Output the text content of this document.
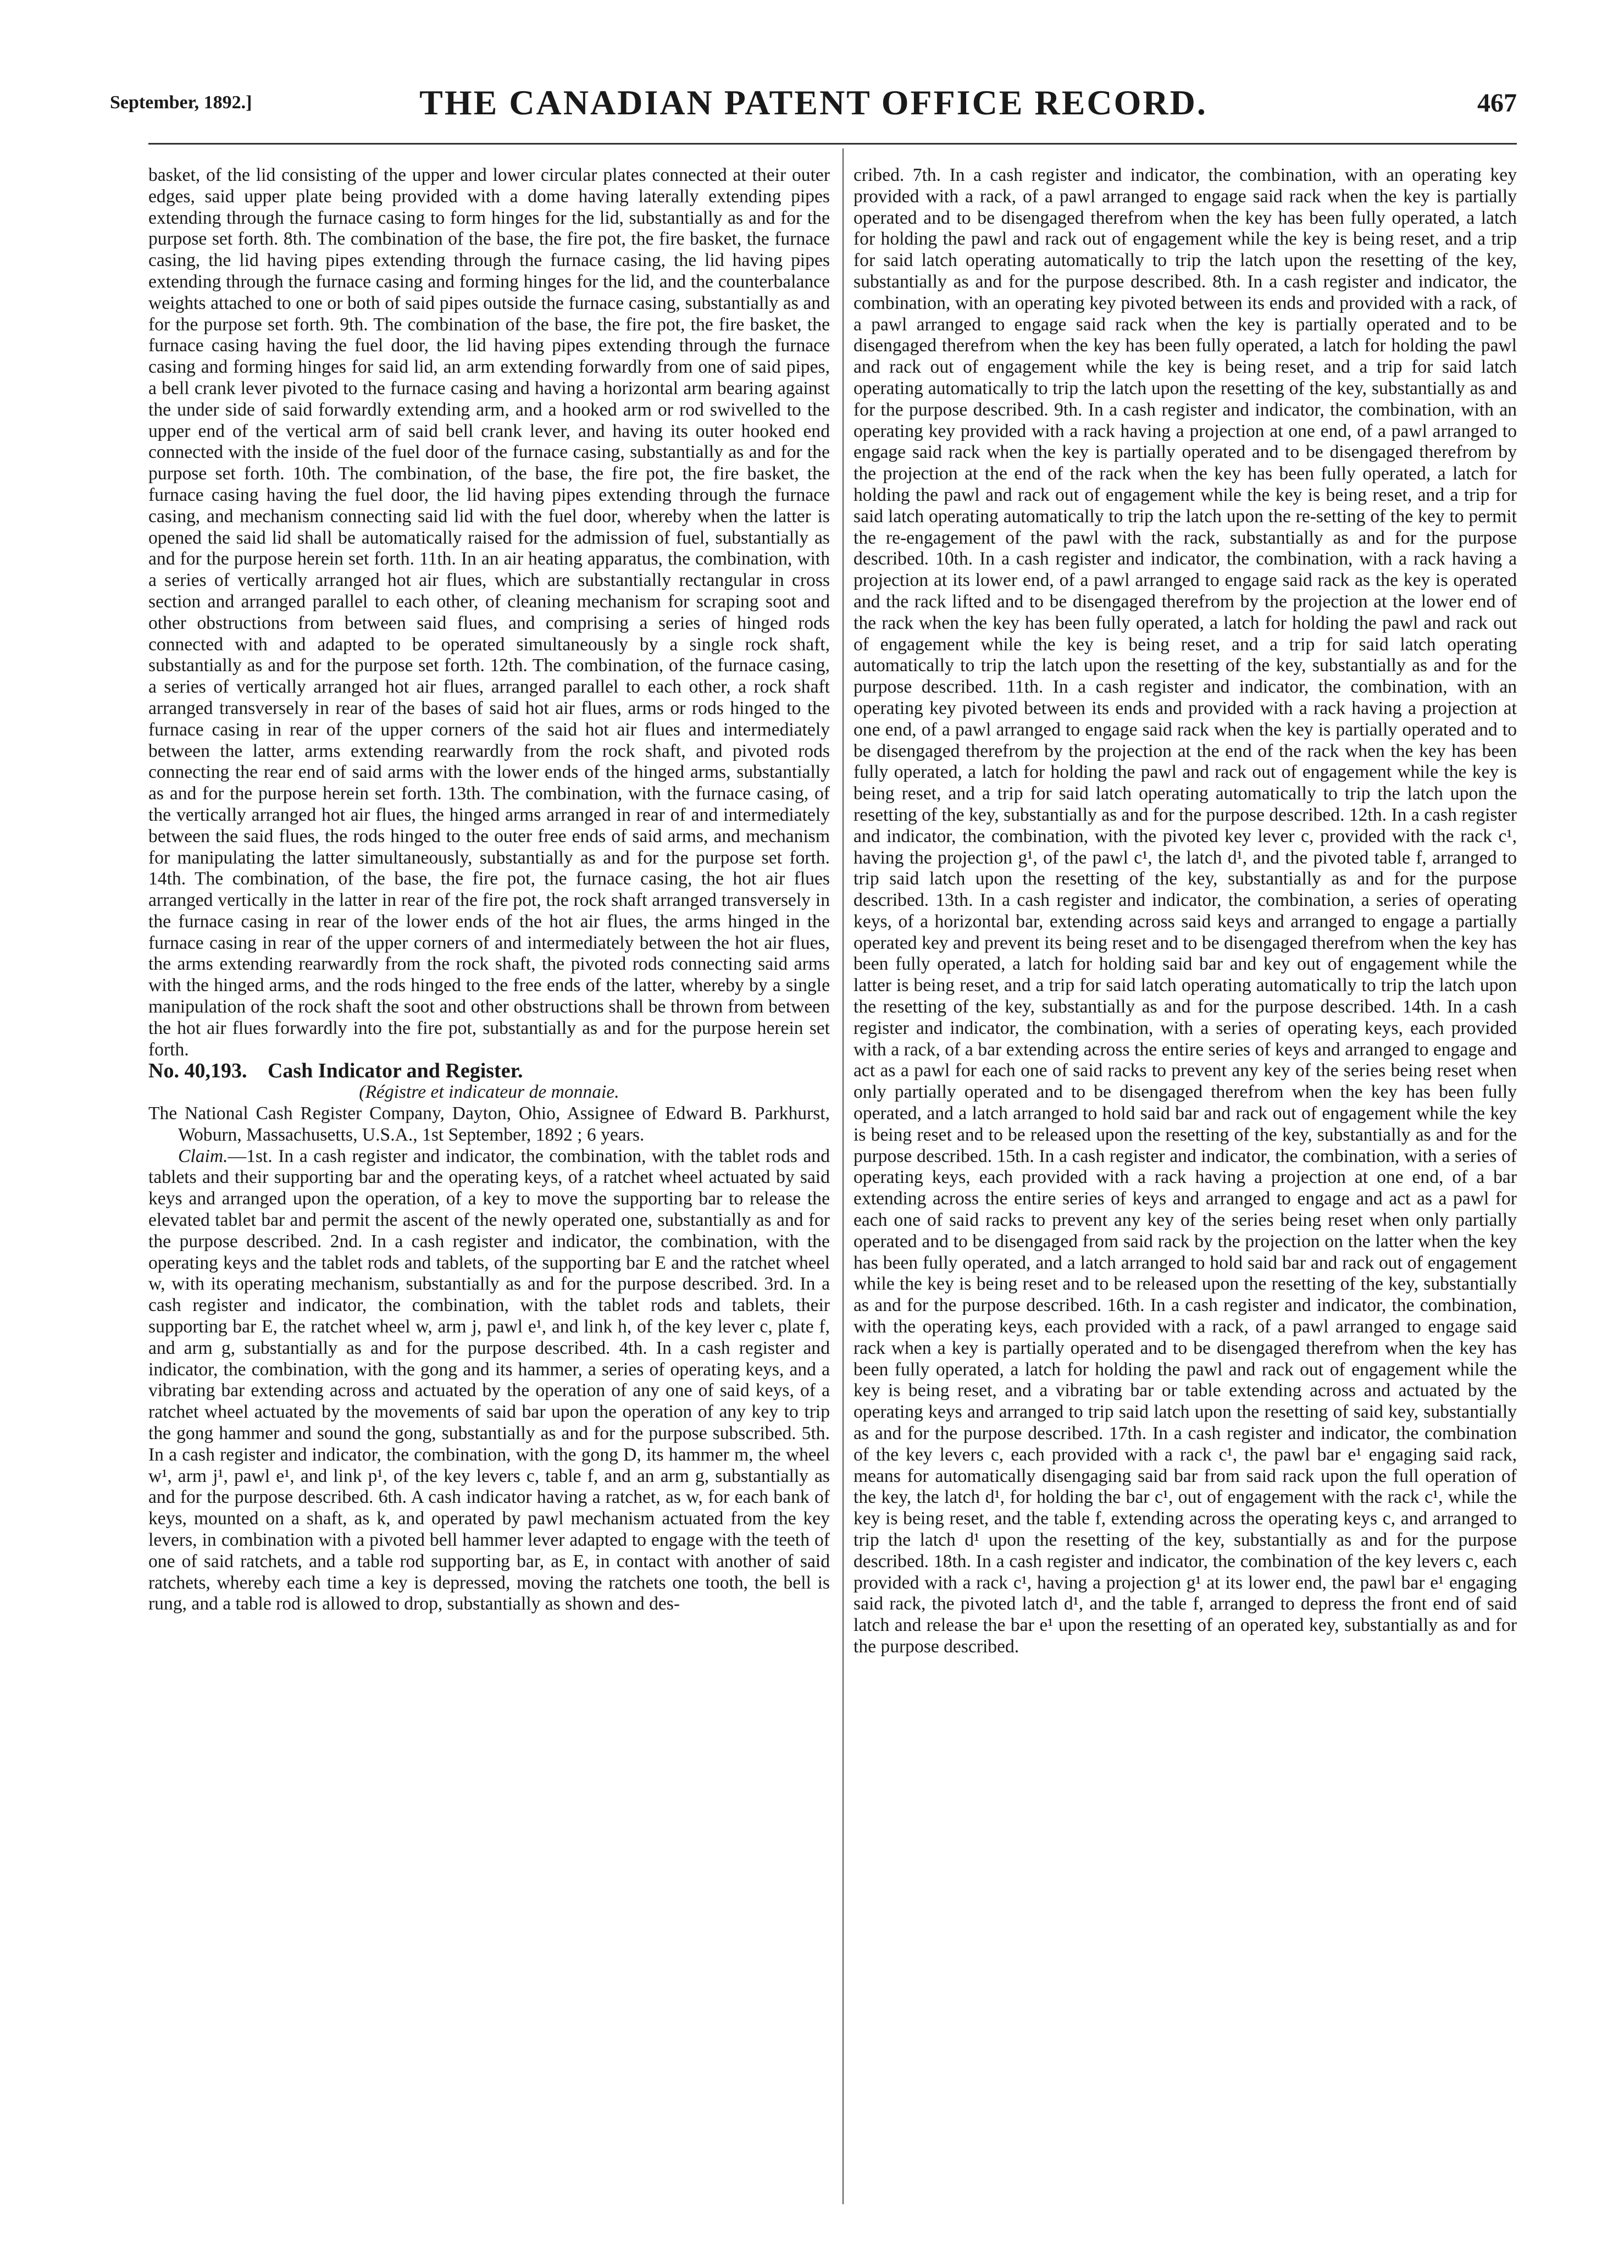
September, 1892.]	THE CANADIAN PATENT OFFICE RECORD.	467

basket, of the lid consisting of the upper and lower circular plates connected at their outer edges, said upper plate being provided with a dome having laterally extending pipes extending through the furnace casing to form hinges for the lid, substantially as and for the purpose set forth. 8th. The combination of the base, the fire pot, the fire basket, the furnace casing, the lid having pipes extending through the furnace casing, the lid having pipes extending through the furnace casing and forming hinges for the lid, and the counterbalance weights attached to one or both of said pipes outside the furnace casing, substantially as and for the purpose set forth. 9th. The combination of the base, the fire pot, the fire basket, the furnace casing having the fuel door, the lid having pipes extending through the furnace casing and forming hinges for said lid, an arm extending forwardly from one of said pipes, a bell crank lever pivoted to the furnace casing and having a horizontal arm bearing against the under side of said forwardly extending arm, and a hooked arm or rod swivelled to the upper end of the vertical arm of said bell crank lever, and having its outer hooked end connected with the inside of the fuel door of the furnace casing, substantially as and for the purpose set forth. 10th. The combination, of the base, the fire pot, the fire basket, the furnace casing having the fuel door, the lid having pipes extending through the furnace casing, and mechanism connecting said lid with the fuel door, whereby when the latter is opened the said lid shall be automatically raised for the admission of fuel, substantially as and for the purpose herein set forth. 11th. In an air heating apparatus, the combination, with a series of vertically arranged hot air flues, which are substantially rectangular in cross section and arranged parallel to each other, of cleaning mechanism for scraping soot and other obstructions from between said flues, and comprising a series of hinged rods connected with and adapted to be operated simultaneously by a single rock shaft, substantially as and for the purpose set forth. 12th. The combination, of the furnace casing, a series of vertically arranged hot air flues, arranged parallel to each other, a rock shaft arranged transversely in rear of the bases of said hot air flues, arms or rods hinged to the furnace casing in rear of the upper corners of the said hot air flues and intermediately between the latter, arms extending rearwardly from the rock shaft, and pivoted rods connecting the rear end of said arms with the lower ends of the hinged arms, substantially as and for the purpose herein set forth. 13th. The combination, with the furnace casing, of the vertically arranged hot air flues, the hinged arms arranged in rear of and intermediately between the said flues, the rods hinged to the outer free ends of said arms, and mechanism for manipulating the latter simultaneously, substantially as and for the purpose set forth. 14th. The combination, of the base, the fire pot, the furnace casing, the hot air flues arranged vertically in the latter in rear of the fire pot, the rock shaft arranged transversely in the furnace casing in rear of the lower ends of the hot air flues, the arms hinged in the furnace casing in rear of the upper corners of and intermediately between the hot air flues, the arms extending rearwardly from the rock shaft, the pivoted rods connecting said arms with the hinged arms, and the rods hinged to the free ends of the latter, whereby by a single manipulation of the rock shaft the soot and other obstructions shall be thrown from between the hot air flues forwardly into the fire pot, substantially as and for the purpose herein set forth.

No. 40,193. Cash Indicator and Register.

(Régistre et indicateur de monnaie.

The National Cash Register Company, Dayton, Ohio, Assignee of Edward B. Parkhurst, Woburn, Massachusetts, U.S.A., 1st September, 1892 ; 6 years.

Claim.—1st. In a cash register and indicator, the combination, with the tablet rods and tablets and their supporting bar and the operating keys, of a ratchet wheel actuated by said keys and arranged upon the operation, of a key to move the supporting bar to release the elevated tablet bar and permit the ascent of the newly operated one, substantially as and for the purpose described. 2nd. In a cash register and indicator, the combination, with the operating keys and the tablet rods and tablets, of the supporting bar E and the ratchet wheel w, with its operating mechanism, substantially as and for the purpose described. 3rd. In a cash register and indicator, the combination, with the tablet rods and tablets, their supporting bar E, the ratchet wheel w, arm j, pawl e¹, and link h, of the key lever c, plate f, and arm g, substantially as and for the purpose described. 4th. In a cash register and indicator, the combination, with the gong and its hammer, a series of operating keys, and a vibrating bar extending across and actuated by the operation of any one of said keys, of a ratchet wheel actuated by the movements of said bar upon the operation of any key to trip the gong hammer and sound the gong, substantially as and for the purpose subscribed. 5th. In a cash register and indicator, the combination, with the gong D, its hammer m, the wheel w¹, arm j¹, pawl e¹, and link p¹, of the key levers c, table f, and an arm g, substantially as and for the purpose described. 6th. A cash indicator having a ratchet, as w, for each bank of keys, mounted on a shaft, as k, and operated by pawl mechanism actuated from the key levers, in combination with a pivoted bell hammer lever adapted to engage with the teeth of one of said ratchets, and a table rod supporting bar, as E, in contact with another of said ratchets, whereby each time a key is depressed, moving the ratchets one tooth, the bell is rung, and a table rod is allowed to drop, substantially as shown and des-

cribed. 7th. In a cash register and indicator, the combination, with an operating key provided with a rack, of a pawl arranged to engage said rack when the key is partially operated and to be disengaged therefrom when the key has been fully operated, a latch for holding the pawl and rack out of engagement while the key is being reset, and a trip for said latch operating automatically to trip the latch upon the resetting of the key, substantially as and for the purpose described. 8th. In a cash register and indicator, the combination, with an operating key pivoted between its ends and provided with a rack, of a pawl arranged to engage said rack when the key is partially operated and to be disengaged therefrom when the key has been fully operated, a latch for holding the pawl and rack out of engagement while the key is being reset, and a trip for said latch operating automatically to trip the latch upon the resetting of the key, substantially as and for the purpose described. 9th. In a cash register and indicator, the combination, with an operating key provided with a rack having a projection at one end, of a pawl arranged to engage said rack when the key is partially operated and to be disengaged therefrom by the projection at the end of the rack when the key has been fully operated, a latch for holding the pawl and rack out of engagement while the key is being reset, and a trip for said latch operating automatically to trip the latch upon the re-setting of the key to permit the re-engagement of the pawl with the rack, substantially as and for the purpose described. 10th. In a cash register and indicator, the combination, with a rack having a projection at its lower end, of a pawl arranged to engage said rack as the key is operated and the rack lifted and to be disengaged therefrom by the projection at the lower end of the rack when the key has been fully operated, a latch for holding the pawl and rack out of engagement while the key is being reset, and a trip for said latch operating automatically to trip the latch upon the resetting of the key, substantially as and for the purpose described. 11th. In a cash register and indicator, the combination, with an operating key pivoted between its ends and provided with a rack having a projection at one end, of a pawl arranged to engage said rack when the key is partially operated and to be disengaged therefrom by the projection at the end of the rack when the key has been fully operated, a latch for holding the pawl and rack out of engagement while the key is being reset, and a trip for said latch operating automatically to trip the latch upon the resetting of the key, substantially as and for the purpose described. 12th. In a cash register and indicator, the combination, with the pivoted key lever c, provided with the rack c¹, having the projection g¹, of the pawl c¹, the latch d¹, and the pivoted table f, arranged to trip said latch upon the resetting of the key, substantially as and for the purpose described. 13th. In a cash register and indicator, the combination, a series of operating keys, of a horizontal bar, extending across said keys and arranged to engage a partially operated key and prevent its being reset and to be disengaged therefrom when the key has been fully operated, a latch for holding said bar and key out of engagement while the latter is being reset, and a trip for said latch operating automatically to trip the latch upon the resetting of the key, substantially as and for the purpose described. 14th. In a cash register and indicator, the combination, with a series of operating keys, each provided with a rack, of a bar extending across the entire series of keys and arranged to engage and act as a pawl for each one of said racks to prevent any key of the series being reset when only partially operated and to be disengaged therefrom when the key has been fully operated, and a latch arranged to hold said bar and rack out of engagement while the key is being reset and to be released upon the resetting of the key, substantially as and for the purpose described. 15th. In a cash register and indicator, the combination, with a series of operating keys, each provided with a rack having a projection at one end, of a bar extending across the entire series of keys and arranged to engage and act as a pawl for each one of said racks to prevent any key of the series being reset when only partially operated and to be disengaged from said rack by the projection on the latter when the key has been fully operated, and a latch arranged to hold said bar and rack out of engagement while the key is being reset and to be released upon the resetting of the key, substantially as and for the purpose described. 16th. In a cash register and indicator, the combination, with the operating keys, each provided with a rack, of a pawl arranged to engage said rack when a key is partially operated and to be disengaged therefrom when the key has been fully operated, a latch for holding the pawl and rack out of engagement while the key is being reset, and a vibrating bar or table extending across and actuated by the operating keys and arranged to trip said latch upon the resetting of said key, substantially as and for the purpose described. 17th. In a cash register and indicator, the combination of the key levers c, each provided with a rack c¹, the pawl bar e¹ engaging said rack, means for automatically disengaging said bar from said rack upon the full operation of the key, the latch d¹, for holding the bar c¹, out of engagement with the rack c¹, while the key is being reset, and the table f, extending across the operating keys c, and arranged to trip the latch d¹ upon the resetting of the key, substantially as and for the purpose described. 18th. In a cash register and indicator, the combination of the key levers c, each provided with a rack c¹, having a projection g¹ at its lower end, the pawl bar e¹ engaging said rack, the pivoted latch d¹, and the table f, arranged to depress the front end of said latch and release the bar e¹ upon the resetting of an operated key, substantially as and for the purpose described.
